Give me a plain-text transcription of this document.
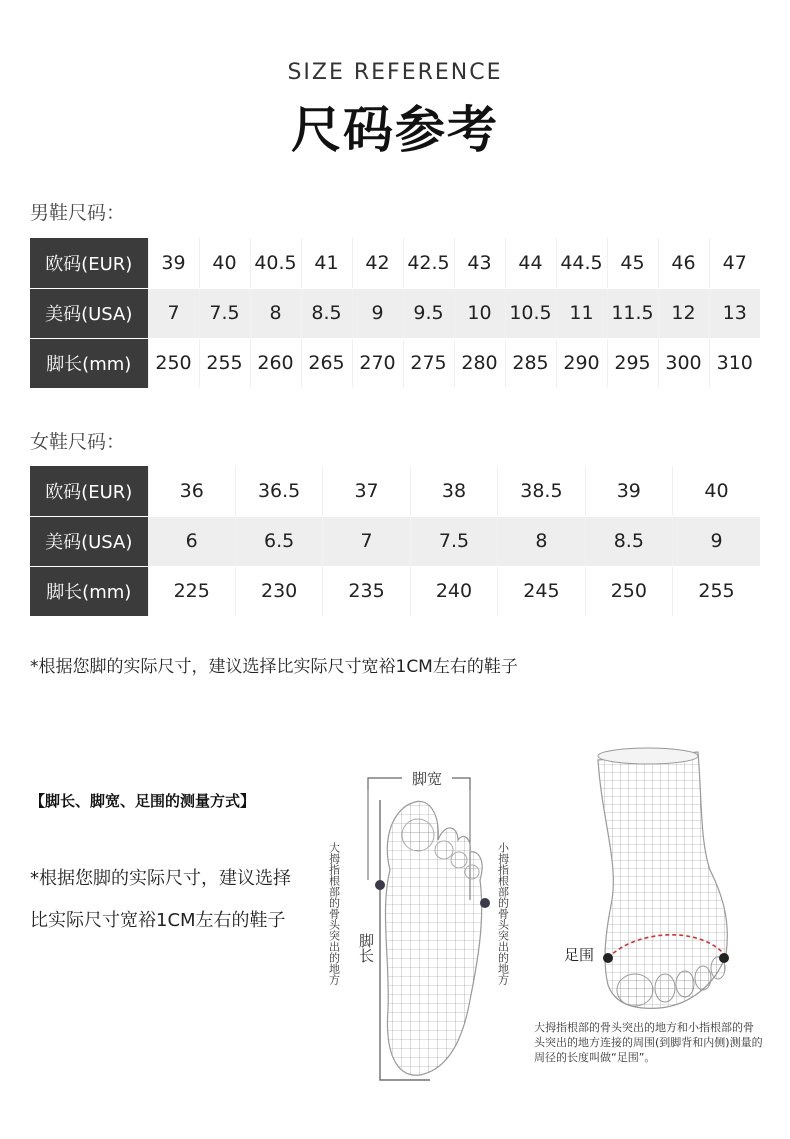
SIZE REFERENCE
尺码参考
男鞋尺码：
欧码(EUR)	39	40	40.5	41	42	42.5	43	44	44.5	45	46	47
美码(USA)	7	7.5	8	8.5	9	9.5	10	10.5	11	11.5	12	13
脚长(mm)	250	255	260	265	270	275	280	285	290	295	300	310
女鞋尺码：
欧码(EUR)	36	36.5	37	38	38.5	39	40
美码(USA)	6	6.5	7	7.5	8	8.5	9
脚长(mm)	225	230	235	240	245	250	255
*根据您脚的实际尺寸，建议选择比实际尺寸宽裕1CM左右的鞋子
【脚长、脚宽、足围的测量方式】
*根据您脚的实际尺寸，建议选择比实际尺寸宽裕1CM左右的鞋子
脚宽
脚长
大拇指根部的骨头突出的地方	小拇指根部的骨头突出的地方	足围
大拇指根部的骨头突出的地方和小指根部的骨头突出的地方连接的周围(到脚背和内侧)测量的周径的长度叫做“足围”。
